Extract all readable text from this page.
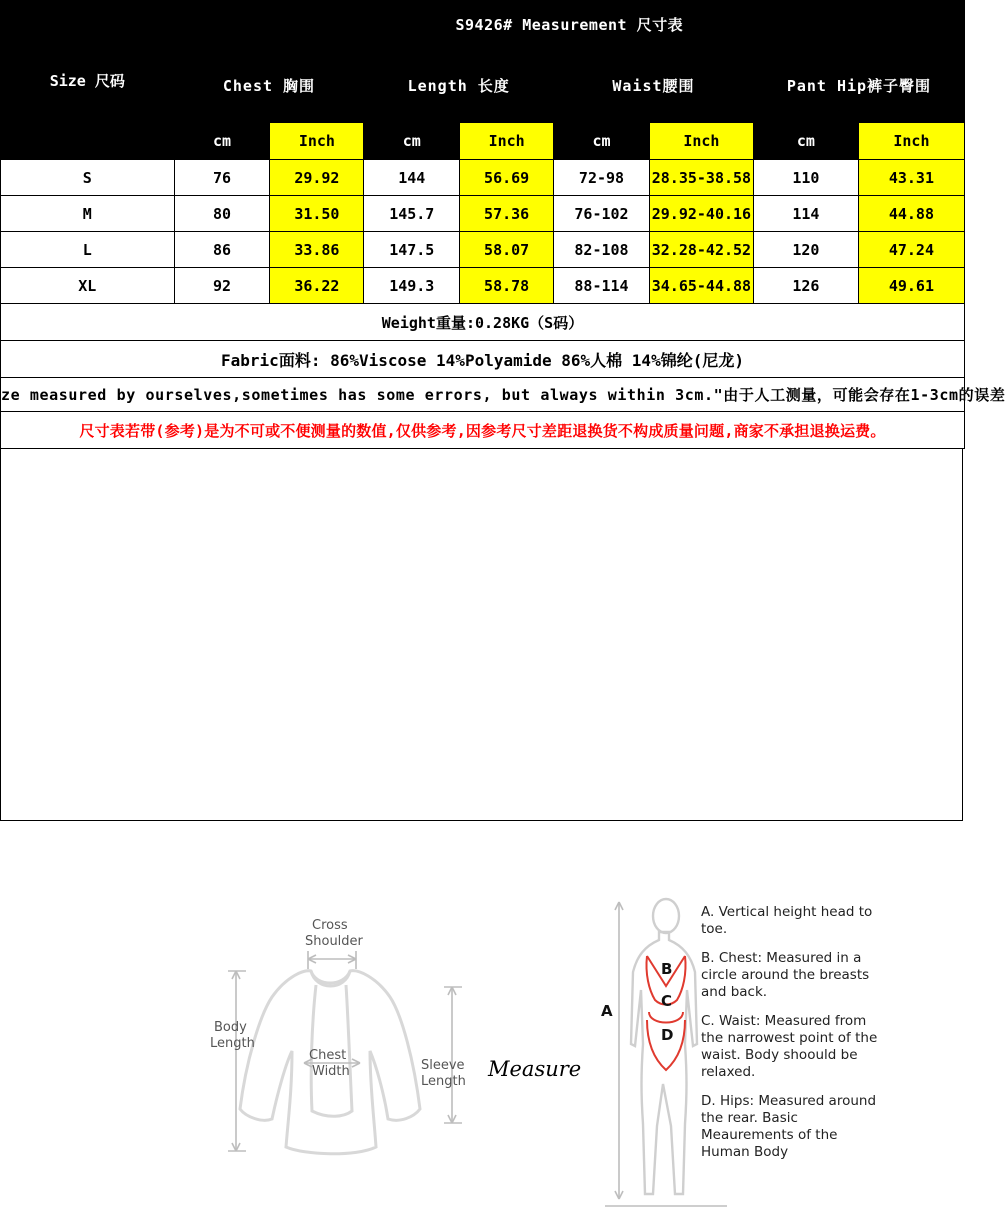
Size 尺码	S9426# Measurement 尺寸表							
	Chest 胸围		Length 长度		Waist腰围		Pant Hip裤子臀围	
	cm	Inch	cm	Inch	cm	Inch	cm	Inch
S	76	29.92	144	56.69	72-98	28.35-38.58	110	43.31
M	80	31.50	145.7	57.36	76-102	29.92-40.16	114	44.88
L	86	33.86	147.5	58.07	82-108	32.28-42.52	120	47.24
XL	92	36.22	149.3	58.78	88-114	34.65-44.88	126	49.61
Weight重量:0.28KG（S码）								
Fabric面料: 86%Viscose 14%Polyamide 86%人棉 14%锦纶(尼龙)								
ze measured by ourselves,sometimes has some errors, but always within 3cm."由于人工测量，可能会存在1-3cm的误差								
尺寸表若带(参考)是为不可或不便测量的数值,仅供参考,因参考尺寸差距退换货不构成质量问题,商家不承担退换运费。								
Cross
Shoulder
Body
Length
Chest
Width	Sleeve
Length
Measure
B
C
D
A

A. Vertical height head to toe.

B. Chest: Measured in a circle around the breasts and back.

C. Waist: Measured from the narrowest point of the waist. Body shoould be relaxed.

D. Hips: Measured around the rear. Basic Meaurements of the Human Body
